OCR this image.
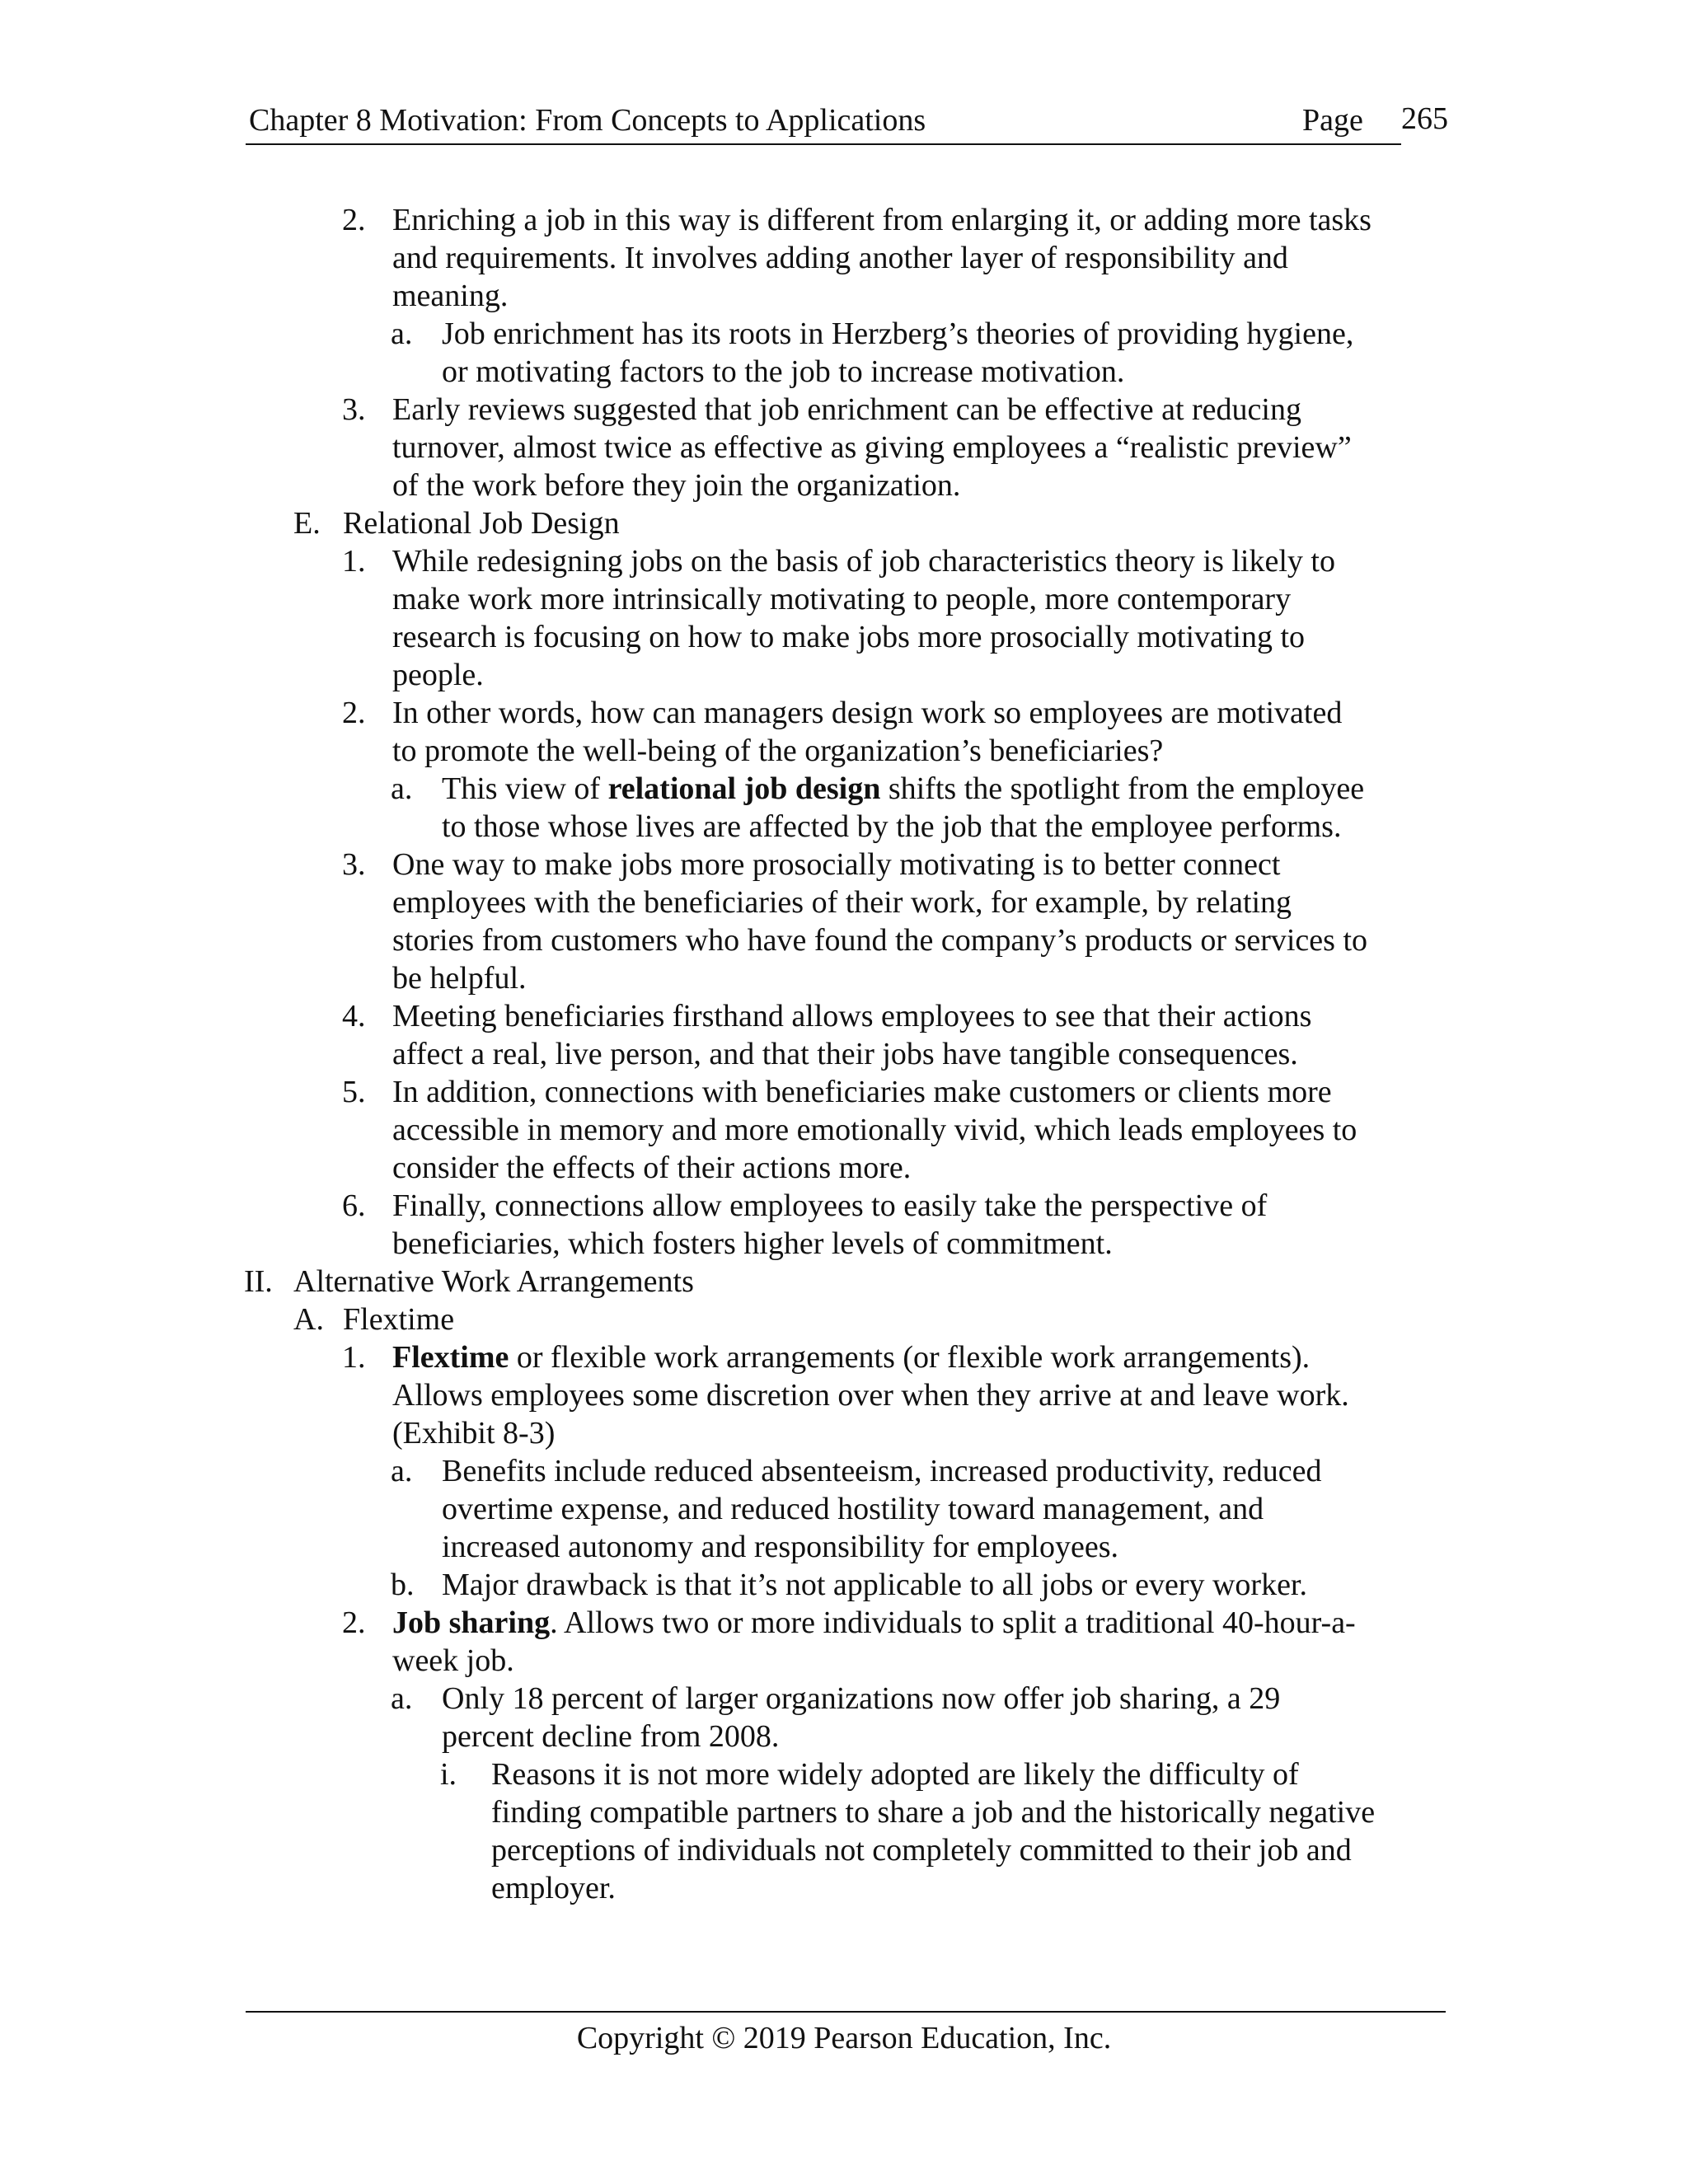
Chapter 8 Motivation: From Concepts to Applications	Page 265
2. Enriching a job in this way is different from enlarging it, or adding more tasks
and requirements. It involves adding another layer of responsibility and
meaning.
a. Job enrichment has its roots in Herzberg’s theories of providing hygiene,
or motivating factors to the job to increase motivation.
3. Early reviews suggested that job enrichment can be effective at reducing
turnover, almost twice as effective as giving employees a “realistic preview”
of the work before they join the organization.
E. Relational Job Design
1. While redesigning jobs on the basis of job characteristics theory is likely to
make work more intrinsically motivating to people, more contemporary
research is focusing on how to make jobs more prosocially motivating to
people.
2. In other words, how can managers design work so employees are motivated
to promote the well-being of the organization’s beneficiaries?
a. This view of relational job design shifts the spotlight from the employee
to those whose lives are affected by the job that the employee performs.
3. One way to make jobs more prosocially motivating is to better connect
employees with the beneficiaries of their work, for example, by relating
stories from customers who have found the company’s products or services to
be helpful.
4. Meeting beneficiaries firsthand allows employees to see that their actions
affect a real, live person, and that their jobs have tangible consequences.
5. In addition, connections with beneficiaries make customers or clients more
accessible in memory and more emotionally vivid, which leads employees to
consider the effects of their actions more.
6. Finally, connections allow employees to easily take the perspective of
beneficiaries, which fosters higher levels of commitment.
II. Alternative Work Arrangements
A. Flextime
1. Flextime or flexible work arrangements (or flexible work arrangements).
Allows employees some discretion over when they arrive at and leave work.
(Exhibit 8-3)
a. Benefits include reduced absenteeism, increased productivity, reduced
overtime expense, and reduced hostility toward management, and
increased autonomy and responsibility for employees.
b. Major drawback is that it’s not applicable to all jobs or every worker.
2. Job sharing. Allows two or more individuals to split a traditional 40-hour-a-
week job.
a. Only 18 percent of larger organizations now offer job sharing, a 29
percent decline from 2008.
i. Reasons it is not more widely adopted are likely the difficulty of
finding compatible partners to share a job and the historically negative
perceptions of individuals not completely committed to their job and
employer.
Copyright © 2019 Pearson Education, Inc.
